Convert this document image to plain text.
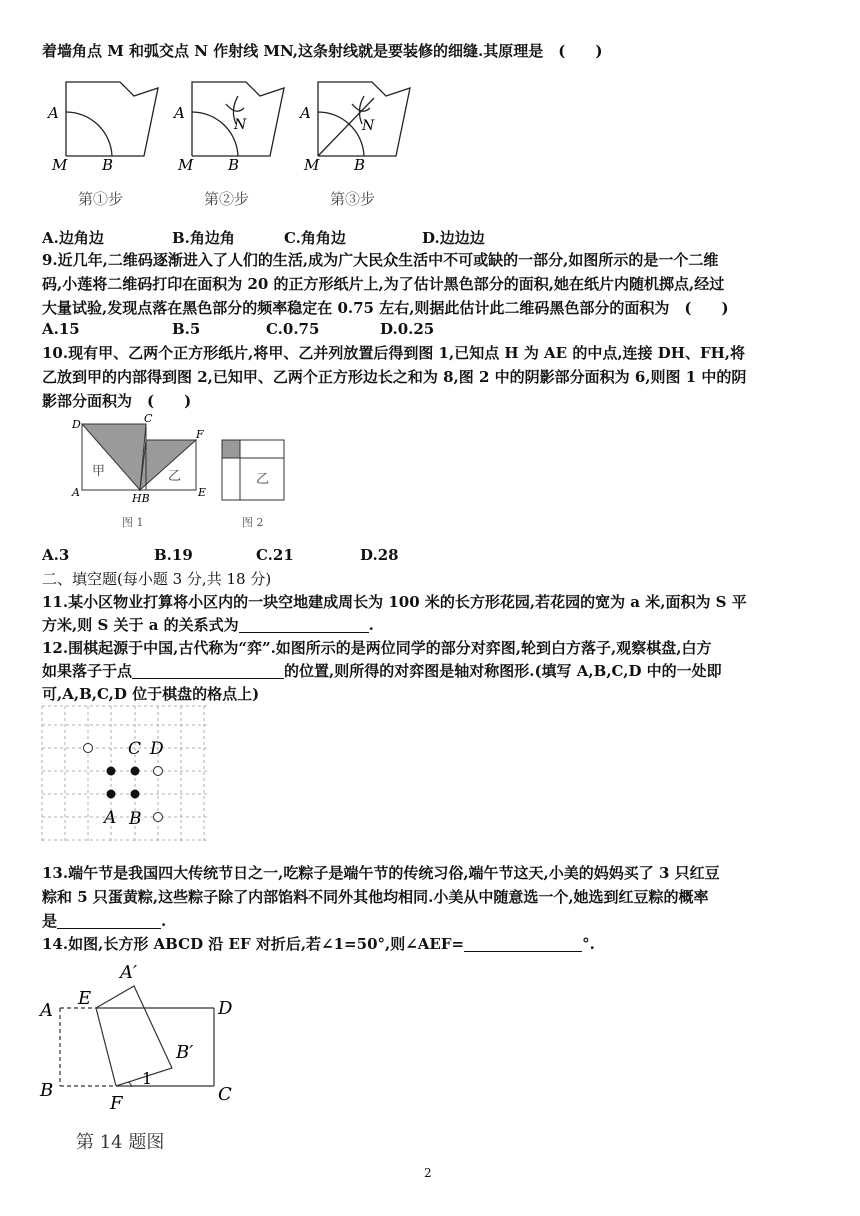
着墙角点 M 和弧交点 N 作射线 MN,这条射线就是要装修的细缝.其原理是　(　　)
A
M B
第①步
A
M B
N
第②步
A
M B
N
第③步
A.边角边	B.角边角	C.角角边	D.边边边
9.近几年,二维码逐渐进入了人们的生活,成为广大民众生活中不可或缺的一部分,如图所示的是一个二维
码,小莲将二维码打印在面积为 20 的正方形纸片上,为了估计黑色部分的面积,她在纸片内随机掷点,经过
大量试验,发现点落在黑色部分的频率稳定在 0.75 左右,则据此估计此二维码黑色部分的面积为　(　　)
A.15	B.5	C.0.75	D.0.25
10.现有甲、乙两个正方形纸片,将甲、乙并列放置后得到图 1,已知点 H 为 AE 的中点,连接 DH、FH,将
乙放到甲的内部得到图 2,已知甲、乙两个正方形边长之和为 8,图 2 中的阴影部分面积为 6,则图 1 中的阴
影部分面积为　(　　)
D	C
F
A	HB	E
甲	乙
图 1
乙
图 2
A.3	B.19	C.21	D.28
二、填空题(每小题 3 分,共 18 分)
11.某小区物业打算将小区内的一块空地建成周长为 100 米的长方形花园,若花园的宽为 a 米,面积为 S 平
方米,则 S 关于 a 的关系式为	.
12.围棋起源于中国,古代称为“弈”.如图所示的是两位同学的部分对弈图,轮到白方落子,观察棋盘,白方
如果落子于点	的位置,则所得的对弈图是轴对称图形.(填写 A,B,C,D 中的一处即
可,A,B,C,D 位于棋盘的格点上)
C D
A B
13.端午节是我国四大传统节日之一,吃粽子是端午节的传统习俗,端午节这天,小美的妈妈买了 3 只红豆
粽和 5 只蛋黄粽,这些粽子除了内部馅料不同外其他均相同.小美从中随意选一个,她选到红豆粽的概率
是	.
14.如图,长方形 ABCD 沿 EF 对折后,若∠1=50°,则∠AEF=	°.
A′
E
A	D
B′
B
F	C
1
第 14 题图
2
